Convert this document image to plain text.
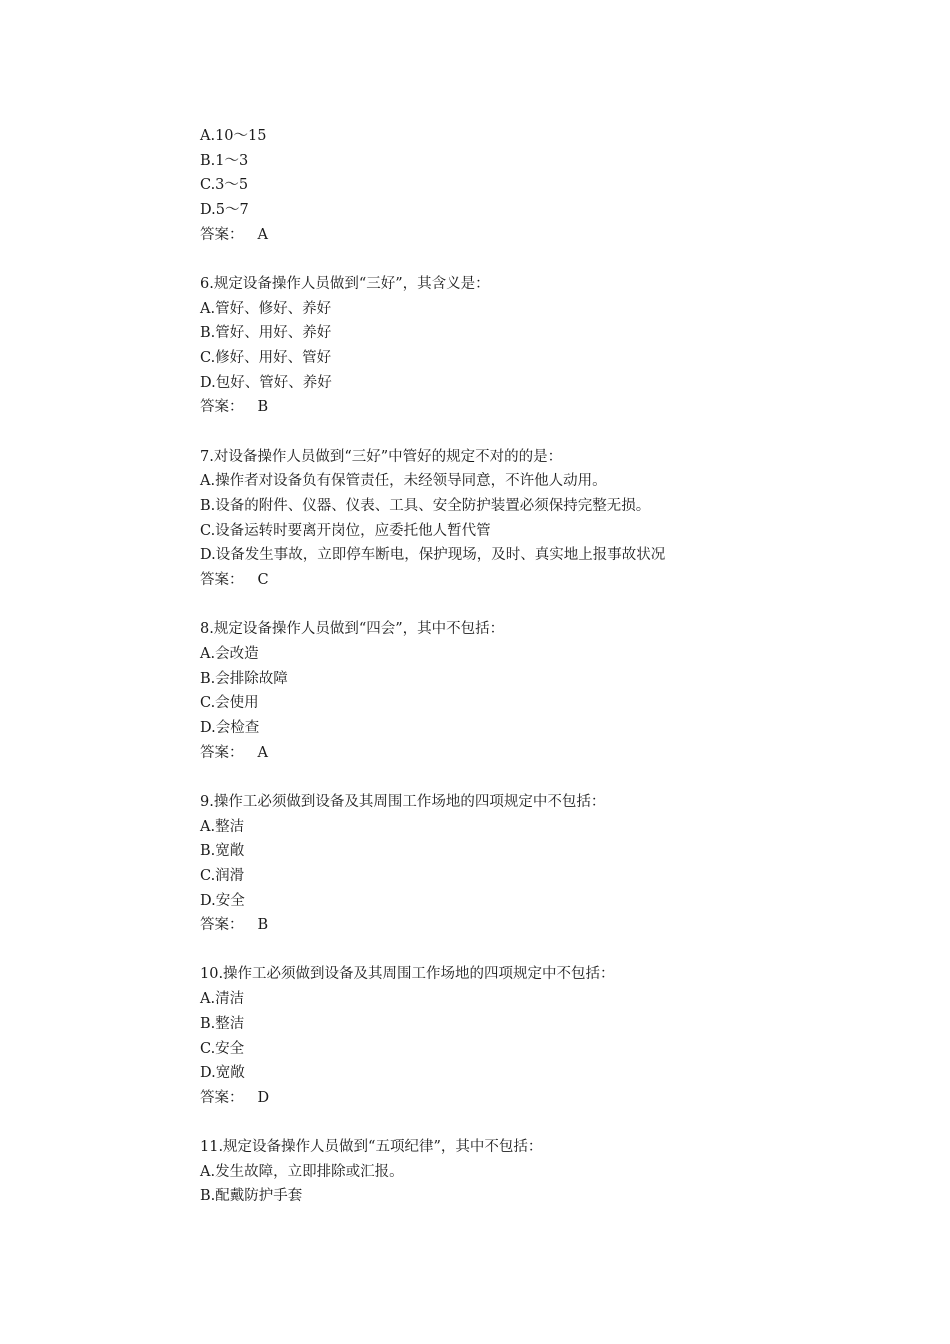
A.10～15
B.1～3
C.3～5
D.5～7
答案： A
6.规定设备操作人员做到“三好”，其含义是：
A.管好、修好、养好
B.管好、用好、养好
C.修好、用好、管好
D.包好、管好、养好
答案： B
7.对设备操作人员做到“三好”中管好的规定不对的的是：
A.操作者对设备负有保管责任，未经领导同意，不许他人动用。
B.设备的附件、仪器、仪表、工具、安全防护装置必须保持完整无损。
C.设备运转时要离开岗位，应委托他人暂代管
D.设备发生事故，立即停车断电，保护现场，及时、真实地上报事故状况
答案： C
8.规定设备操作人员做到“四会”，其中不包括：
A.会改造
B.会排除故障
C.会使用
D.会检查
答案： A
9.操作工必须做到设备及其周围工作场地的四项规定中不包括：
A.整洁
B.宽敞
C.润滑
D.安全
答案： B
10.操作工必须做到设备及其周围工作场地的四项规定中不包括：
A.清洁
B.整洁
C.安全
D.宽敞
答案： D
11.规定设备操作人员做到“五项纪律”，其中不包括：
A.发生故障，立即排除或汇报。
B.配戴防护手套
